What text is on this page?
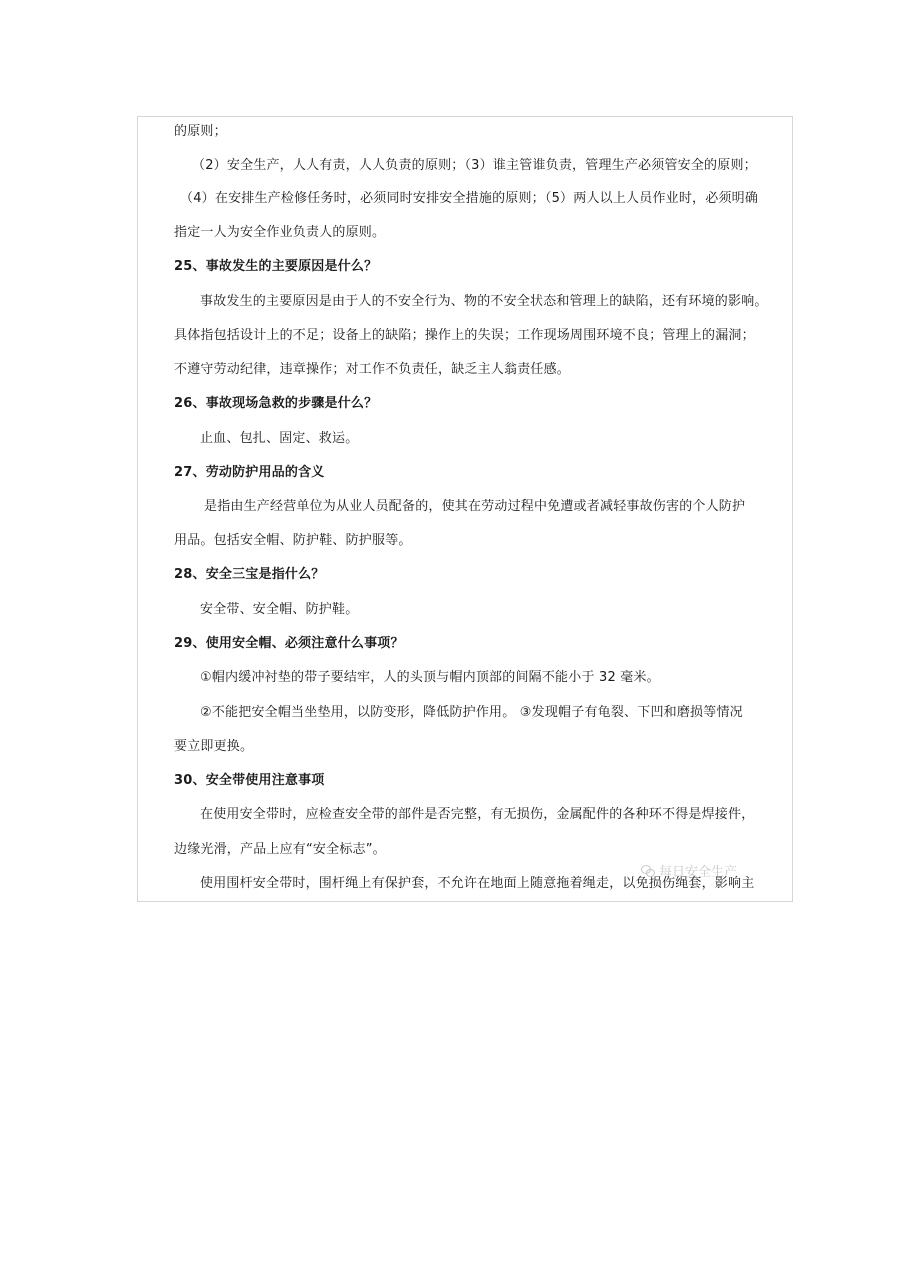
的原则；
（2）安全生产，人人有责，人人负责的原则；（3）谁主管谁负责，管理生产必须管安全的原则；
（4）在安排生产检修任务时，必须同时安排安全措施的原则；（5）两人以上人员作业时，必须明确
指定一人为安全作业负责人的原则。
25、事故发生的主要原因是什么？
事故发生的主要原因是由于人的不安全行为、物的不安全状态和管理上的缺陷，还有环境的影响。
具体指包括设计上的不足；设备上的缺陷；操作上的失误；工作现场周围环境不良；管理上的漏洞；
不遵守劳动纪律，违章操作；对工作不负责任，缺乏主人翁责任感。
26、事故现场急救的步骤是什么？
止血、包扎、固定、救运。
27、劳动防护用品的含义
是指由生产经营单位为从业人员配备的，使其在劳动过程中免遭或者减轻事故伤害的个人防护
用品。包括安全帽、防护鞋、防护服等。
28、安全三宝是指什么？
安全带、安全帽、防护鞋。
29、使用安全帽、必须注意什么事项？
①帽内缓冲衬垫的带子要结牢，人的头顶与帽内顶部的间隔不能小于 32 毫米。
②不能把安全帽当坐垫用，以防变形，降低防护作用。 ③发现帽子有龟裂、下凹和磨损等情况
要立即更换。
30、安全带使用注意事项
在使用安全带时，应检查安全带的部件是否完整，有无损伤，金属配件的各种环不得是焊接件，
边缘光滑，产品上应有“安全标志”。
使用围杆安全带时，围杆绳上有保护套，不允许在地面上随意拖着绳走，以免损伤绳套，影响主
每日安全生产
